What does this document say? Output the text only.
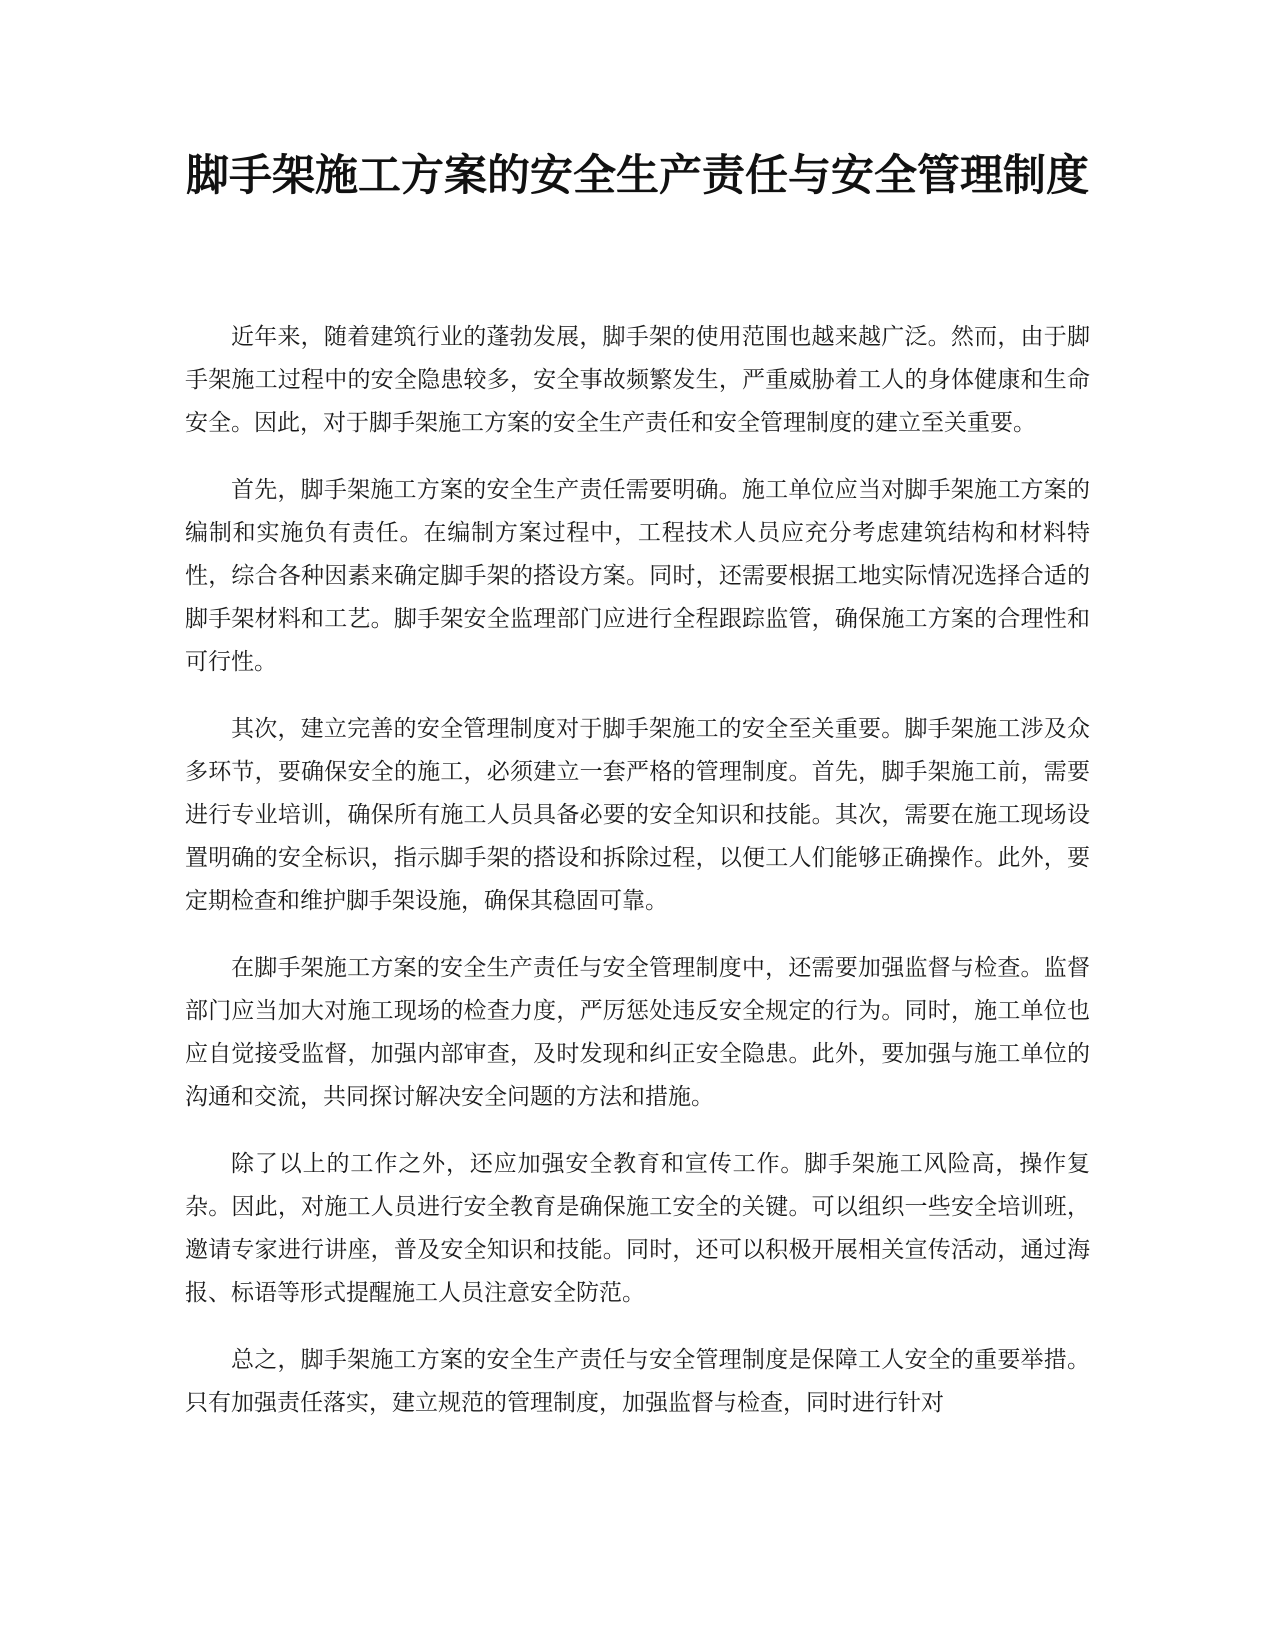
脚手架施工方案的安全生产责任与安全管理制度

近年来，随着建筑行业的蓬勃发展，脚手架的使用范围也越来越广泛。然而，由于脚手架施工过程中的安全隐患较多，安全事故频繁发生，严重威胁着工人的身体健康和生命安全。因此，对于脚手架施工方案的安全生产责任和安全管理制度的建立至关重要。

首先，脚手架施工方案的安全生产责任需要明确。施工单位应当对脚手架施工方案的编制和实施负有责任。在编制方案过程中，工程技术人员应充分考虑建筑结构和材料特性，综合各种因素来确定脚手架的搭设方案。同时，还需要根据工地实际情况选择合适的脚手架材料和工艺。脚手架安全监理部门应进行全程跟踪监管，确保施工方案的合理性和可行性。

其次，建立完善的安全管理制度对于脚手架施工的安全至关重要。脚手架施工涉及众多环节，要确保安全的施工，必须建立一套严格的管理制度。首先，脚手架施工前，需要进行专业培训，确保所有施工人员具备必要的安全知识和技能。其次，需要在施工现场设置明确的安全标识，指示脚手架的搭设和拆除过程，以便工人们能够正确操作。此外，要定期检查和维护脚手架设施，确保其稳固可靠。

在脚手架施工方案的安全生产责任与安全管理制度中，还需要加强监督与检查。监督部门应当加大对施工现场的检查力度，严厉惩处违反安全规定的行为。同时，施工单位也应自觉接受监督，加强内部审查，及时发现和纠正安全隐患。此外，要加强与施工单位的沟通和交流，共同探讨解决安全问题的方法和措施。

除了以上的工作之外，还应加强安全教育和宣传工作。脚手架施工风险高，操作复杂。因此，对施工人员进行安全教育是确保施工安全的关键。可以组织一些安全培训班，邀请专家进行讲座，普及安全知识和技能。同时，还可以积极开展相关宣传活动，通过海报、标语等形式提醒施工人员注意安全防范。

总之，脚手架施工方案的安全生产责任与安全管理制度是保障工人安全的重要举措。只有加强责任落实，建立规范的管理制度，加强监督与检查，同时进行针对
